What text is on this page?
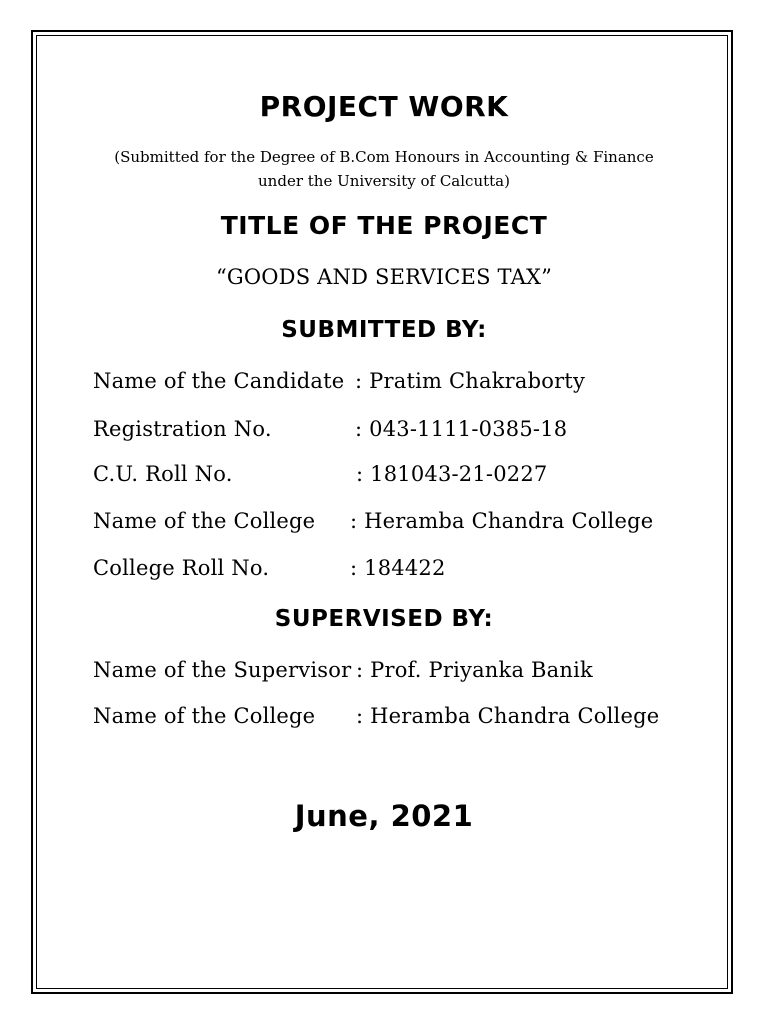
PROJECT WORK
(Submitted for the Degree of B.Com Honours in Accounting & Finance
under the University of Calcutta)
TITLE OF THE PROJECT
“GOODS AND SERVICES TAX”
SUBMITTED BY:
Name of the Candidate : Pratim Chakraborty
Registration No.	: 043-1111-0385-18
C.U. Roll No.	: 181043-21-0227
Name of the College : Heramba Chandra College
College Roll No.	: 184422
SUPERVISED BY:
Name of the Supervisor : Prof. Priyanka Banik
Name of the College : Heramba Chandra College
June, 2021
